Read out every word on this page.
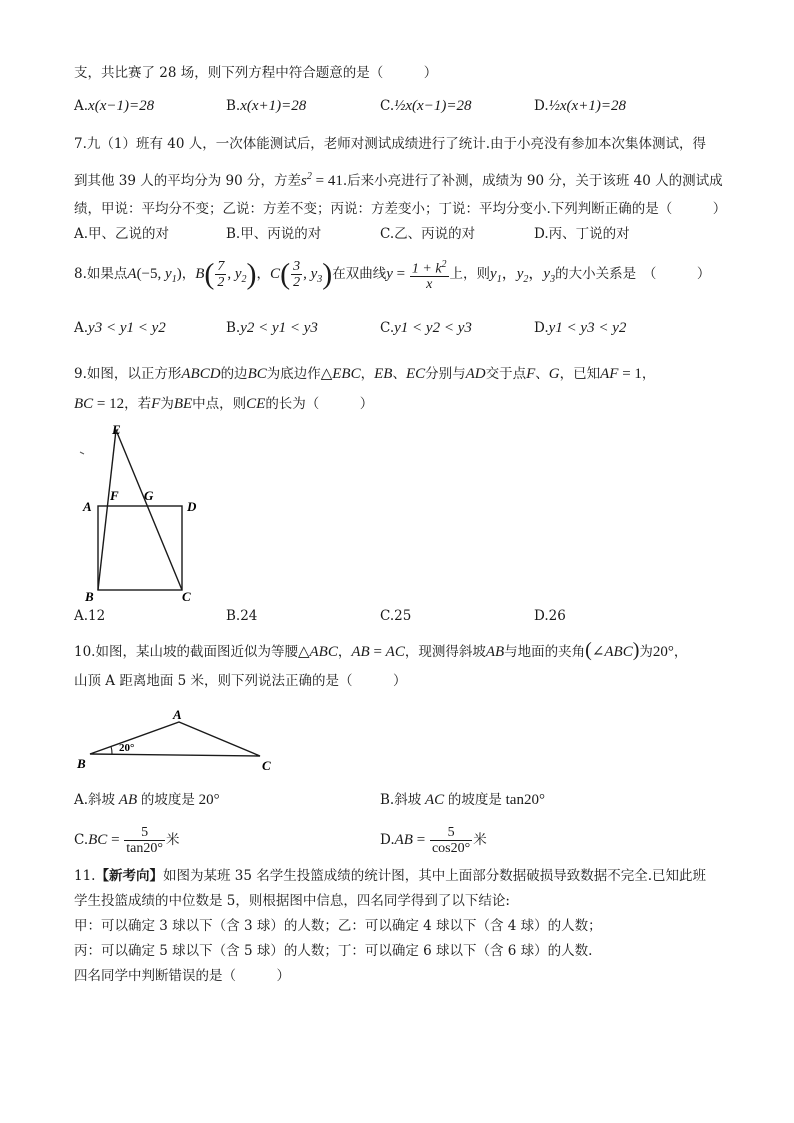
支，共比赛了 28 场，则下列方程中符合题意的是（　　　）
A.x(x−1)=28	B.x(x+1)=28	C.½x(x−1)=28	D.½x(x+1)=28
7.九（1）班有 40 人，一次体能测试后，老师对测试成绩进行了统计.由于小亮没有参加本次集体测试，得
到其他 39 人的平均分为 90 分，方差$s^2 = 41$.后来小亮进行了补测，成绩为 90 分，关于该班 40 人的测试成
绩，甲说：平均分不变；乙说：方差不变；丙说：方差变小；丁说：平均分变小.下列判断正确的是（　　　）
A.甲、乙说的对	B.甲、丙说的对	C.乙、丙说的对	D.丙、丁说的对
8.如果点A(−5, $y_1$)，$B( \frac{7}{2}$ , $y_2$)，$C( \frac{3}{2}$ , $y_3$)在双曲线$y = \frac{1 + k^2}{x}$ 上，则$y_1$，$y_2$，$y_3$的大小关系是　（　　　）
A.y3 < y1 < y2	B.y2 < y1 < y3	C.y1 < y2 < y3	D.y1 < y3 < y2
9.如图，以正方形ABCD的边BC为底边作△EBC，EB、EC分别与AD交于点F、G，已知AF = 1，
BC = 12，若F为BE中点，则CE的长为（　　　）
E
F G
A	D
B	C
A.12	B.24	C.25	D.26
10.如图，某山坡的截面图近似为等腰△ABC，AB = AC，现测得斜坡AB与地面的夹角(∠ABC)为20°，
山顶 A 距离地面 5 米，则下列说法正确的是（　　　）
A
B	C
20°
A.斜坡 AB 的坡度是 20°	B.斜坡 AC 的坡度是 tan20°
$C.BC = \frac{5}{\tan 20^\circ}$ 米	$D.AB = \frac{5}{\cos 20^\circ}$ 米
11.【新考向】如图为某班 35 名学生投篮成绩的统计图，其中上面部分数据破损导致数据不完全.已知此班
学生投篮成绩的中位数是 5，则根据图中信息，四名同学得到了以下结论:
甲：可以确定 3 球以下（含 3 球）的人数；乙：可以确定 4 球以下（含 4 球）的人数；
丙：可以确定 5 球以下（含 5 球）的人数；丁：可以确定 6 球以下（含 6 球）的人数.
四名同学中判断错误的是（　　　）
